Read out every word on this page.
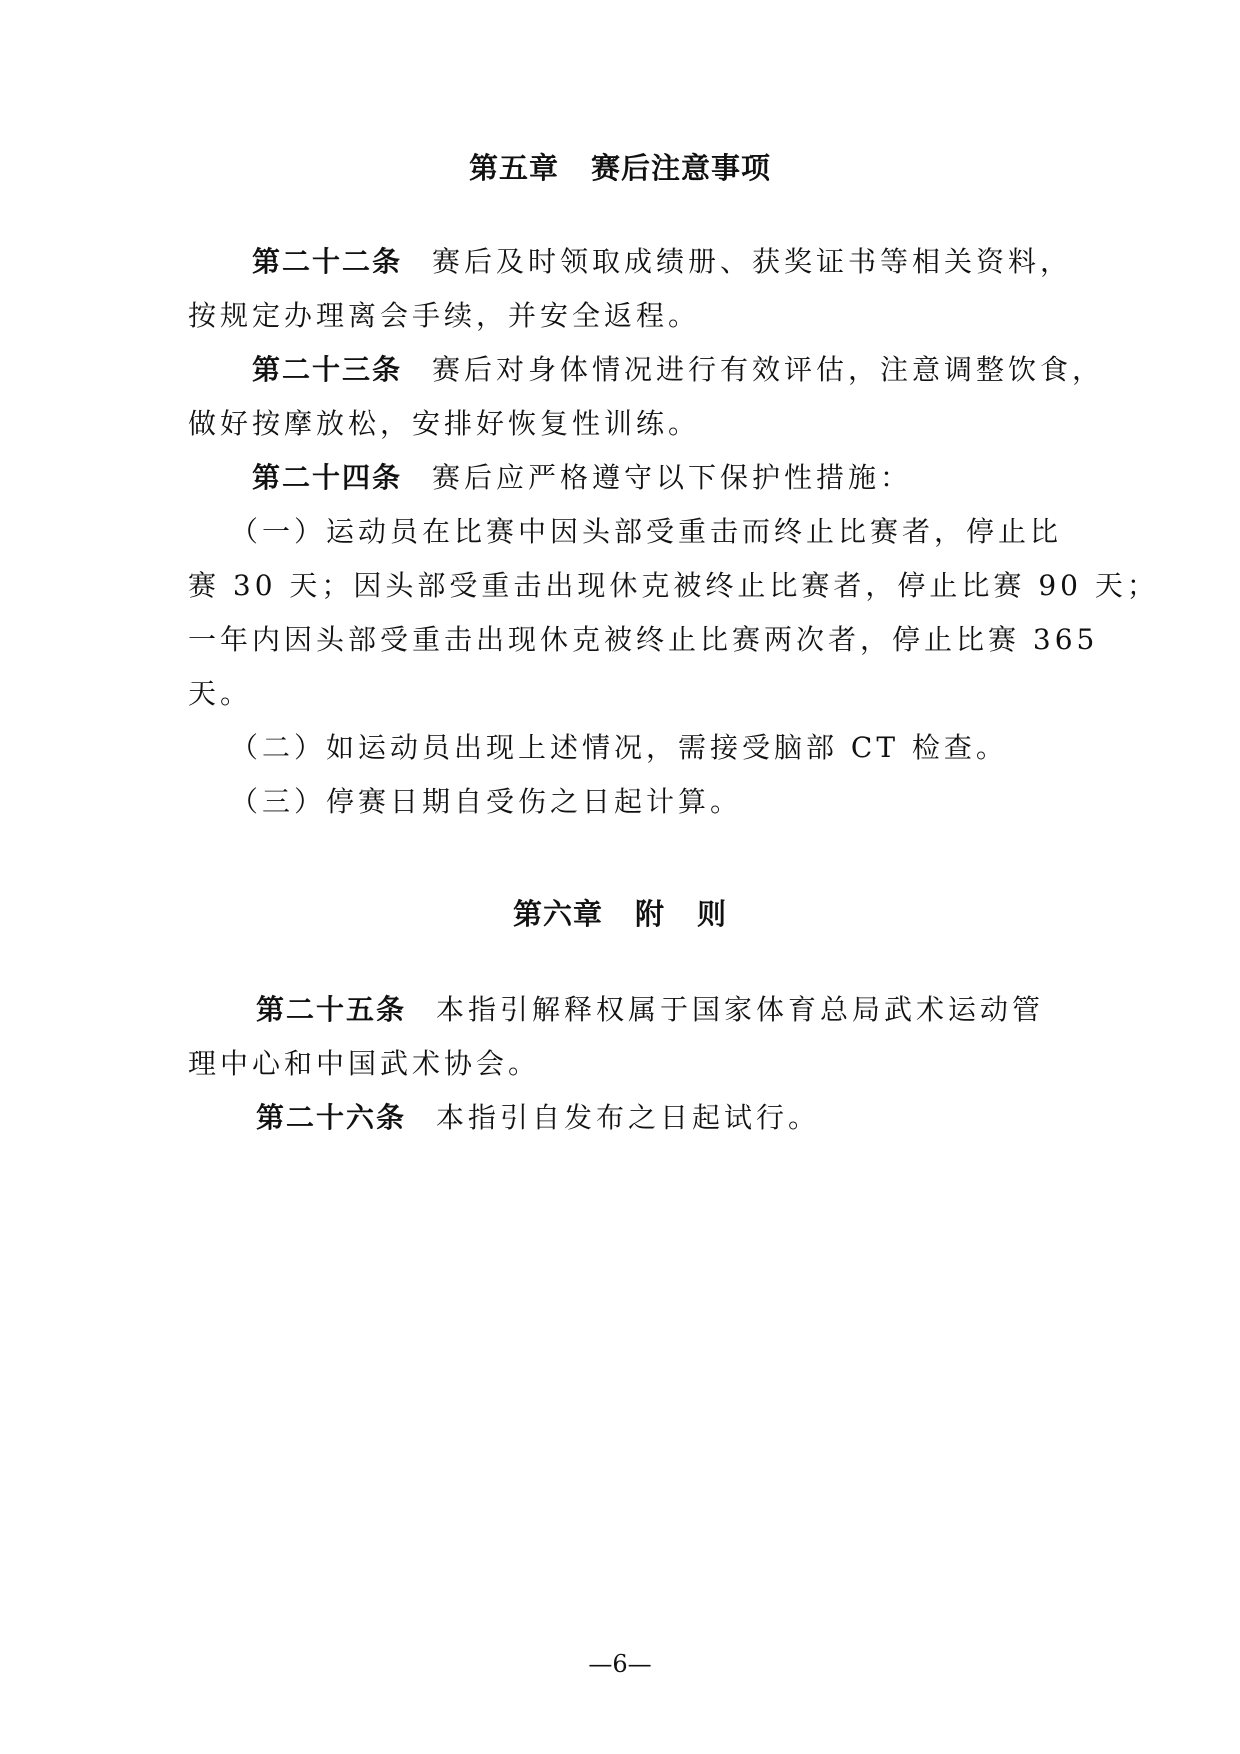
第五章 赛后注意事项
第二十二条 赛后及时领取成绩册、获奖证书等相关资料，
按规定办理离会手续，并安全返程。
第二十三条 赛后对身体情况进行有效评估，注意调整饮食，
做好按摩放松，安排好恢复性训练。
第二十四条 赛后应严格遵守以下保护性措施：
（一）运动员在比赛中因头部受重击而终止比赛者，停止比
赛 30 天；因头部受重击出现休克被终止比赛者，停止比赛 90 天；
一年内因头部受重击出现休克被终止比赛两次者，停止比赛 365
天。
（二）如运动员出现上述情况，需接受脑部 CT 检查。
（三）停赛日期自受伤之日起计算。
第六章 附 则
第二十五条 本指引解释权属于国家体育总局武术运动管
理中心和中国武术协会。
第二十六条 本指引自发布之日起试行。
—6—
